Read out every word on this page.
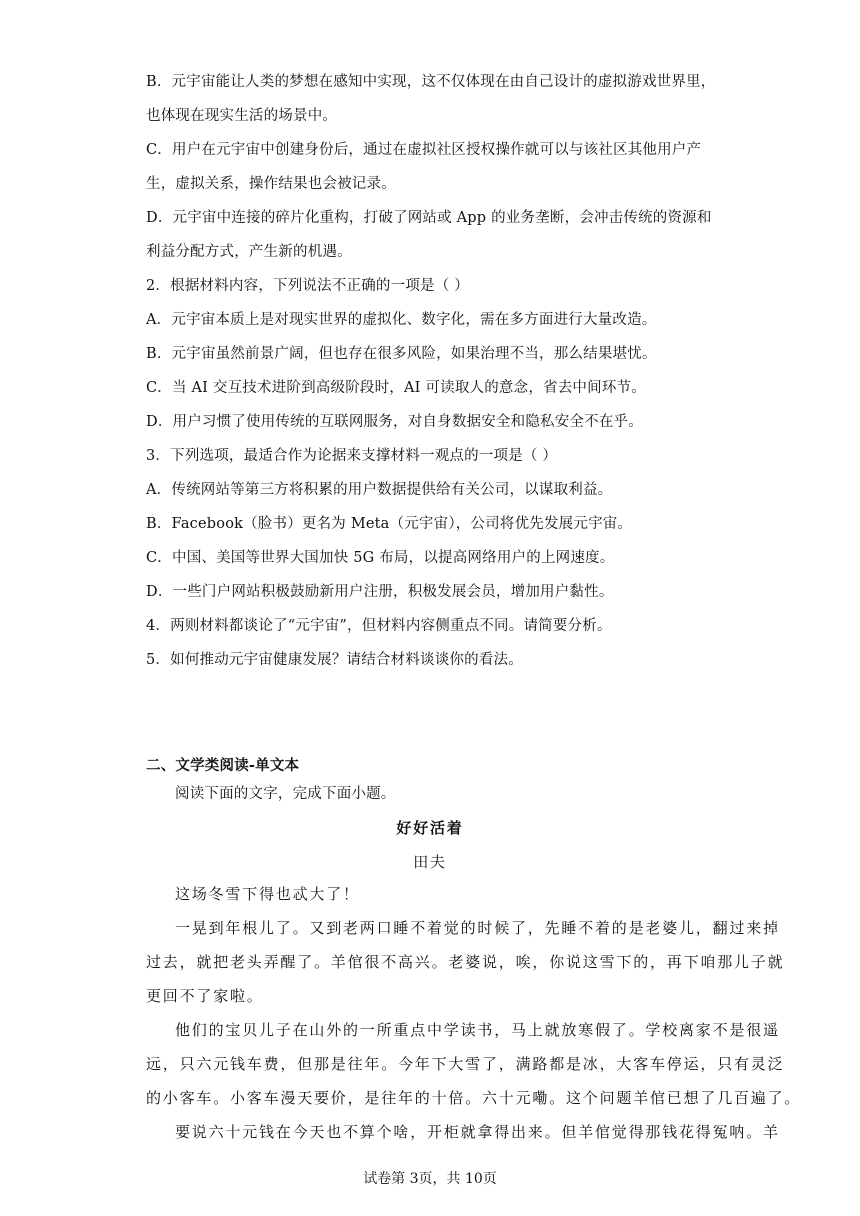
B．元宇宙能让人类的梦想在感知中实现，这不仅体现在由自己设计的虚拟游戏世界里，
也体现在现实生活的场景中。
C．用户在元宇宙中创建身份后，通过在虚拟社区授权操作就可以与该社区其他用户产
生，虚拟关系，操作结果也会被记录。
D．元宇宙中连接的碎片化重构，打破了网站或 App 的业务垄断，会冲击传统的资源和
利益分配方式，产生新的机遇。
2．根据材料内容，下列说法不正确的一项是（ ）
A．元宇宙本质上是对现实世界的虚拟化、数字化，需在多方面进行大量改造。
B．元宇宙虽然前景广阔，但也存在很多风险，如果治理不当，那么结果堪忧。
C．当 AI 交互技术进阶到高级阶段时，AI 可读取人的意念，省去中间环节。
D．用户习惯了使用传统的互联网服务，对自身数据安全和隐私安全不在乎。
3．下列选项，最适合作为论据来支撑材料一观点的一项是（ ）
A．传统网站等第三方将积累的用户数据提供给有关公司，以谋取利益。
B．Facebook（脸书）更名为 Meta（元宇宙），公司将优先发展元宇宙。
C．中国、美国等世界大国加快 5G 布局，以提高网络用户的上网速度。
D．一些门户网站积极鼓励新用户注册，积极发展会员，增加用户黏性。
4．两则材料都谈论了“元宇宙”，但材料内容侧重点不同。请简要分析。
5．如何推动元宇宙健康发展？请结合材料谈谈你的看法。
二、文学类阅读-单文本
阅读下面的文字，完成下面小题。
好好活着
田夫
这场冬雪下得也忒大了！
一晃到年根儿了。又到老两口睡不着觉的时候了，先睡不着的是老婆儿，翻过来掉
过去，就把老头弄醒了。羊倌很不高兴。老婆说，唉，你说这雪下的，再下咱那儿子就
更回不了家啦。
他们的宝贝儿子在山外的一所重点中学读书，马上就放寒假了。学校离家不是很遥
远，只六元钱车费，但那是往年。今年下大雪了，满路都是冰，大客车停运，只有灵泛
的小客车。小客车漫天要价，是往年的十倍。六十元嘞。这个问题羊倌已想了几百遍了。
要说六十元钱在今天也不算个啥，开柜就拿得出来。但羊倌觉得那钱花得冤呐。羊
试卷第 3页，共 10页
